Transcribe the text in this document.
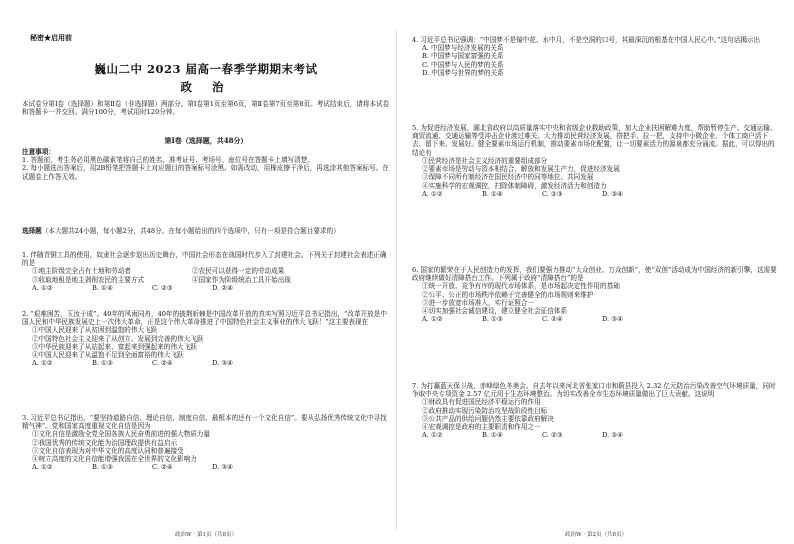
秘密★启用前
巍山二中 2023 届高一春季学期期末考试
政 治
本试卷分第Ⅰ卷（选择题）和第Ⅱ卷（非选择题）两部分。第Ⅰ卷第1页至第6页，第Ⅱ卷第7页至第8页。考试结束后，请将本试卷和答题卡一并交回。满分100分，考试用时120分钟。
第Ⅰ卷（选择题，共48分）
注意事项：
1. 答题前，考生务必用黑色碳素笔将自己的姓名、准考证号、考场号、座位号在答题卡上填写清楚。
2. 每小题选出答案后，用2B铅笔把答题卡上对应题目的答案标号涂黑。如需改动，用橡皮擦干净后，再选涂其他答案标号。在试题卷上作答无效。
选择题（本大题共24小题，每小题2分，共48分。在每小题给出的四个选项中，只有一项是符合题目要求的）
1. 伴随青铜工具的使用，奴隶社会逐步退出历史舞台，中国社会形态在战国时代步入了封建社会。下列关于封建社会表述正确的是
①地主阶级完全占有土地和劳动者	②农民可以获得一定的劳动成果
③收取地租是地主剥削农民的主要方式	④国家作为阶级统治工具开始出现
A. ①②	B. ①④	C. ②③	D. ②④
2. “艰难困苦，玉汝于成”。40年的风雨同舟，40年的披荆斩棘是中国改革开放的真实写照习近平总书记指出，“改革开放是中国人民和中华民族发展史上一次伟大革命，正是这个伟大革命推进了中国特色社会主义事业的伟大飞跃！”这主要表现在
①中国人民迎来了从贫困到温饱的伟大飞跃
②中国特色社会主义迎来了从创立、发展到完善的伟大飞跃
③中华民族迎来了从站起来、富起来到强起来的伟大飞跃
④中国人民迎来了从温饱不足到全面富裕的伟大飞跃
A. ①②	B. ①③	C. ②④	D. ③④
3. 习近平总书记指出，“要坚持道路自信、理论自信、制度自信、最根本的还有一个文化自信”。要从弘扬优秀传统文化中寻找精气神”。党和国家高度重视文化自信是因为
①文化自信是激励全党全国各族人民奋勇前进的强大物质力量
②我国优秀的传统文化能为治国理政提供有益启示
③文化自信表现为对中华文化的高度认同和普遍接受
④树立高度的文化自信能增强我国在全世界的文化影响力
A. ①②	B. ①③	C. ②④	D. ③④
政治W · 第1页（共8页）
4. 习近平总书记强调：“中国梦不是镜中花、水中月，不是空洞的口号，其最深沉的根基在中国人民心中。”这句话揭示出
A. 中国梦与经济发展的关系
B. 中国梦与国家富强的关系
C. 中国梦与人民的梦的关系
D. 中国梦与世界的梦的关系
5. 为促进经济发展，湖北省政府以高质量落实中央和省级企业救助政策，加大企业扶困解难力度，帮助暂停生产、交通运输、商贸流通、交通运输等受冲击企业渡过难关。大力推动民营经济发展，搭把手、拉一把，支持中小微企业、个体工商户活下去、留下来、发展好。健全要素市场运行机制，推动要素市场化配置，让一切要素活力的源泉都充分涌流。据此，可以得出的结论有
①民营经济是社会主义经济的重要组成部分
②要素市场是劳动与资本相结合、解放和发展生产力，促进经济发展
③保障不同所有制经济在国民经济中的同等地位、共同发展
④实施科学的宏观调控，扫除体制障碍，激发经济活力和创造力
A. ①②	B. ①④	C. ②③	D. ③④
6. 国家的繁荣在于人民创造力的发挥，我们要强力推动“大众创业、万众创新”，使“双创”活动成为中国经济的新引擎，这需要政府继续做好清障搭台工作。下列属于政府“清障搭台”的是
①统一开放、竞争有序的现代市场体系，是市场起决定性作用的基础
②公平、公正的市场秩序依赖于完善健全的市场规则来维护
③进一步放宽市场准入，实行证照合一
④切实加强社会诚信建设，建立健全社会征信体系
A. ①②	B. ①③	C. ②④	D. ③④
7. 为打赢蓝天保卫战，赤峰绿色冬奥会。自去年以来河北省张家口市和蔚县投入 2.32 亿元防治污染改善空气环境质量，同时争取中央专项资金 2.57 亿元用于生态环境整治。为切实改善全市生态环境质量做出了巨大贡献。这说明
①财政具有促进国民经济平稳运行的作用
②政府推动实现污染防治攻坚战阶段性目标
③公共产品的供给问题仍然主要依靠政府解决
④宏观调控是政府的主要职责和作用之一
A. ①②	B. ①④	C. ②③	D. ③④
政治W · 第2页（共8页）
